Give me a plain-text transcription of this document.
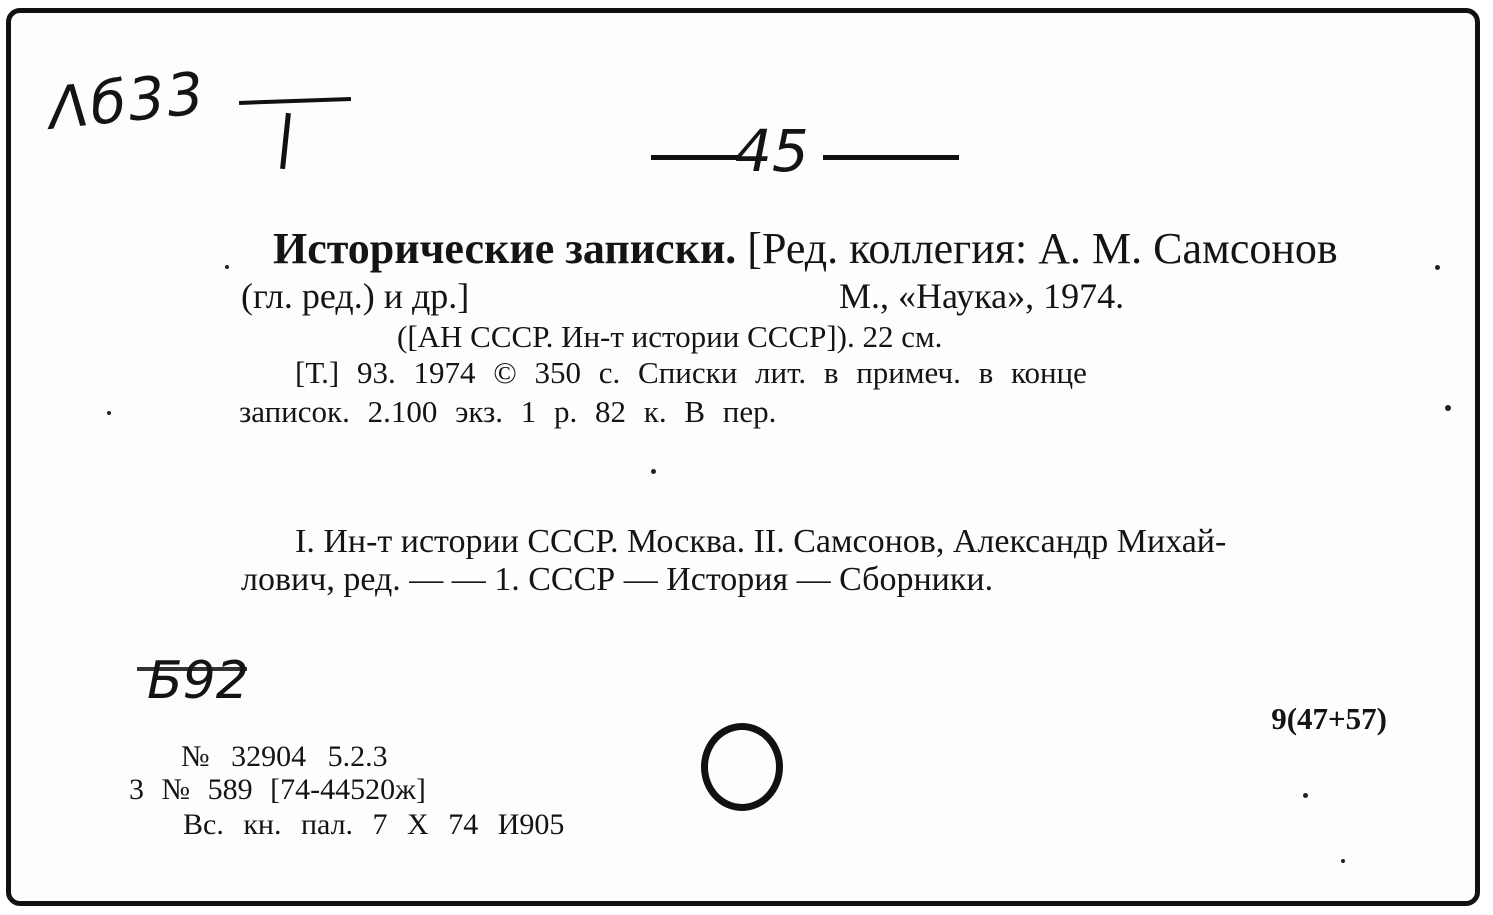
Λб33
45
Исторические записки. [Ред. коллегия: А. М. Самсонов
(гл. ред.) и др.]	М., «Наука», 1974.
([АН СССР. Ин-т истории СССР]). 22 см.
[Т.] 93. 1974 © 350 с. Списки лит. в примеч. в конце
записок. 2.100 экз. 1 р. 82 к. В пер.
I. Ин-т истории СССР. Москва. II. Самсонов, Александр Михай-
лович, ред. — — 1. СССР — История — Сборники.
Б92
9(47+57)
№ 32904 5.2.3
3 № 589 [74-44520ж]
Вс. кн. пал. 7 Х 74 И905
